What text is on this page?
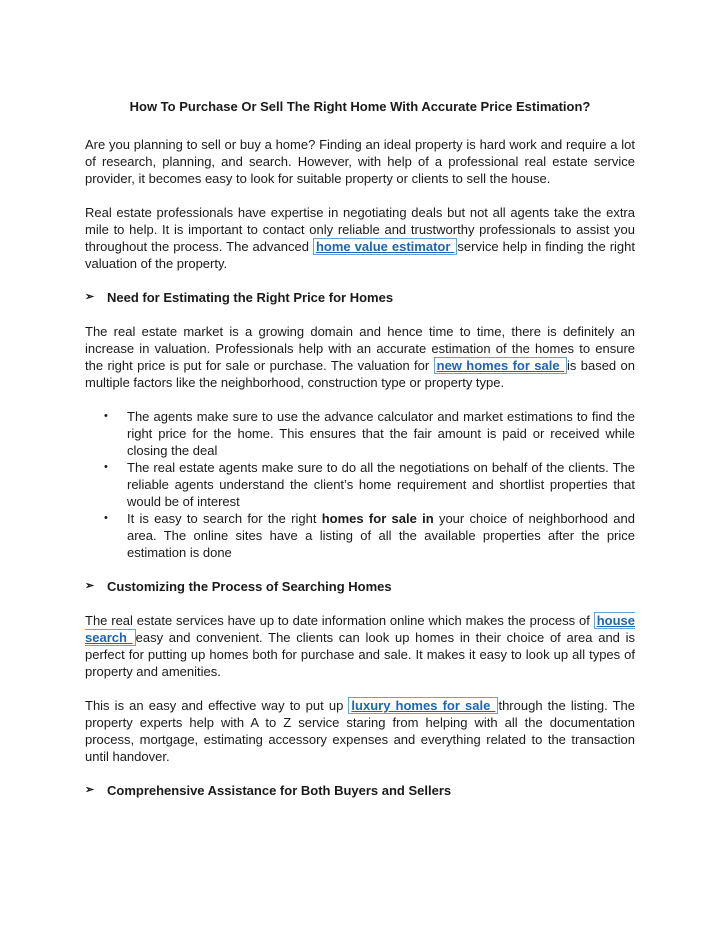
How To Purchase Or Sell The Right Home With Accurate Price Estimation?

Are you planning to sell or buy a home? Finding an ideal property is hard work and require a lot of research, planning, and search. However, with help of a professional real estate service provider, it becomes easy to look for suitable property or clients to sell the house.

Real estate professionals have expertise in negotiating deals but not all agents take the extra mile to help. It is important to contact only reliable and trustworthy professionals to assist you throughout the process. The advanced home value estimator service help in finding the right valuation of the property.

➢ Need for Estimating the Right Price for Homes

The real estate market is a growing domain and hence time to time, there is definitely an increase in valuation. Professionals help with an accurate estimation of the homes to ensure the right price is put for sale or purchase. The valuation for new homes for sale is based on multiple factors like the neighborhood, construction type or property type.

• The agents make sure to use the advance calculator and market estimations to find the right price for the home. This ensures that the fair amount is paid or received while closing the deal
• The real estate agents make sure to do all the negotiations on behalf of the clients. The reliable agents understand the client’s home requirement and shortlist properties that would be of interest
• It is easy to search for the right homes for sale in your choice of neighborhood and area. The online sites have a listing of all the available properties after the price estimation is done
➢ Customizing the Process of Searching Homes

The real estate services have up to date information online which makes the process of house search easy and convenient. The clients can look up homes in their choice of area and is perfect for putting up homes both for purchase and sale. It makes it easy to look up all types of property and amenities.

This is an easy and effective way to put up luxury homes for sale through the listing. The property experts help with A to Z service staring from helping with all the documentation process, mortgage, estimating accessory expenses and everything related to the transaction until handover.

➢ Comprehensive Assistance for Both Buyers and Sellers
